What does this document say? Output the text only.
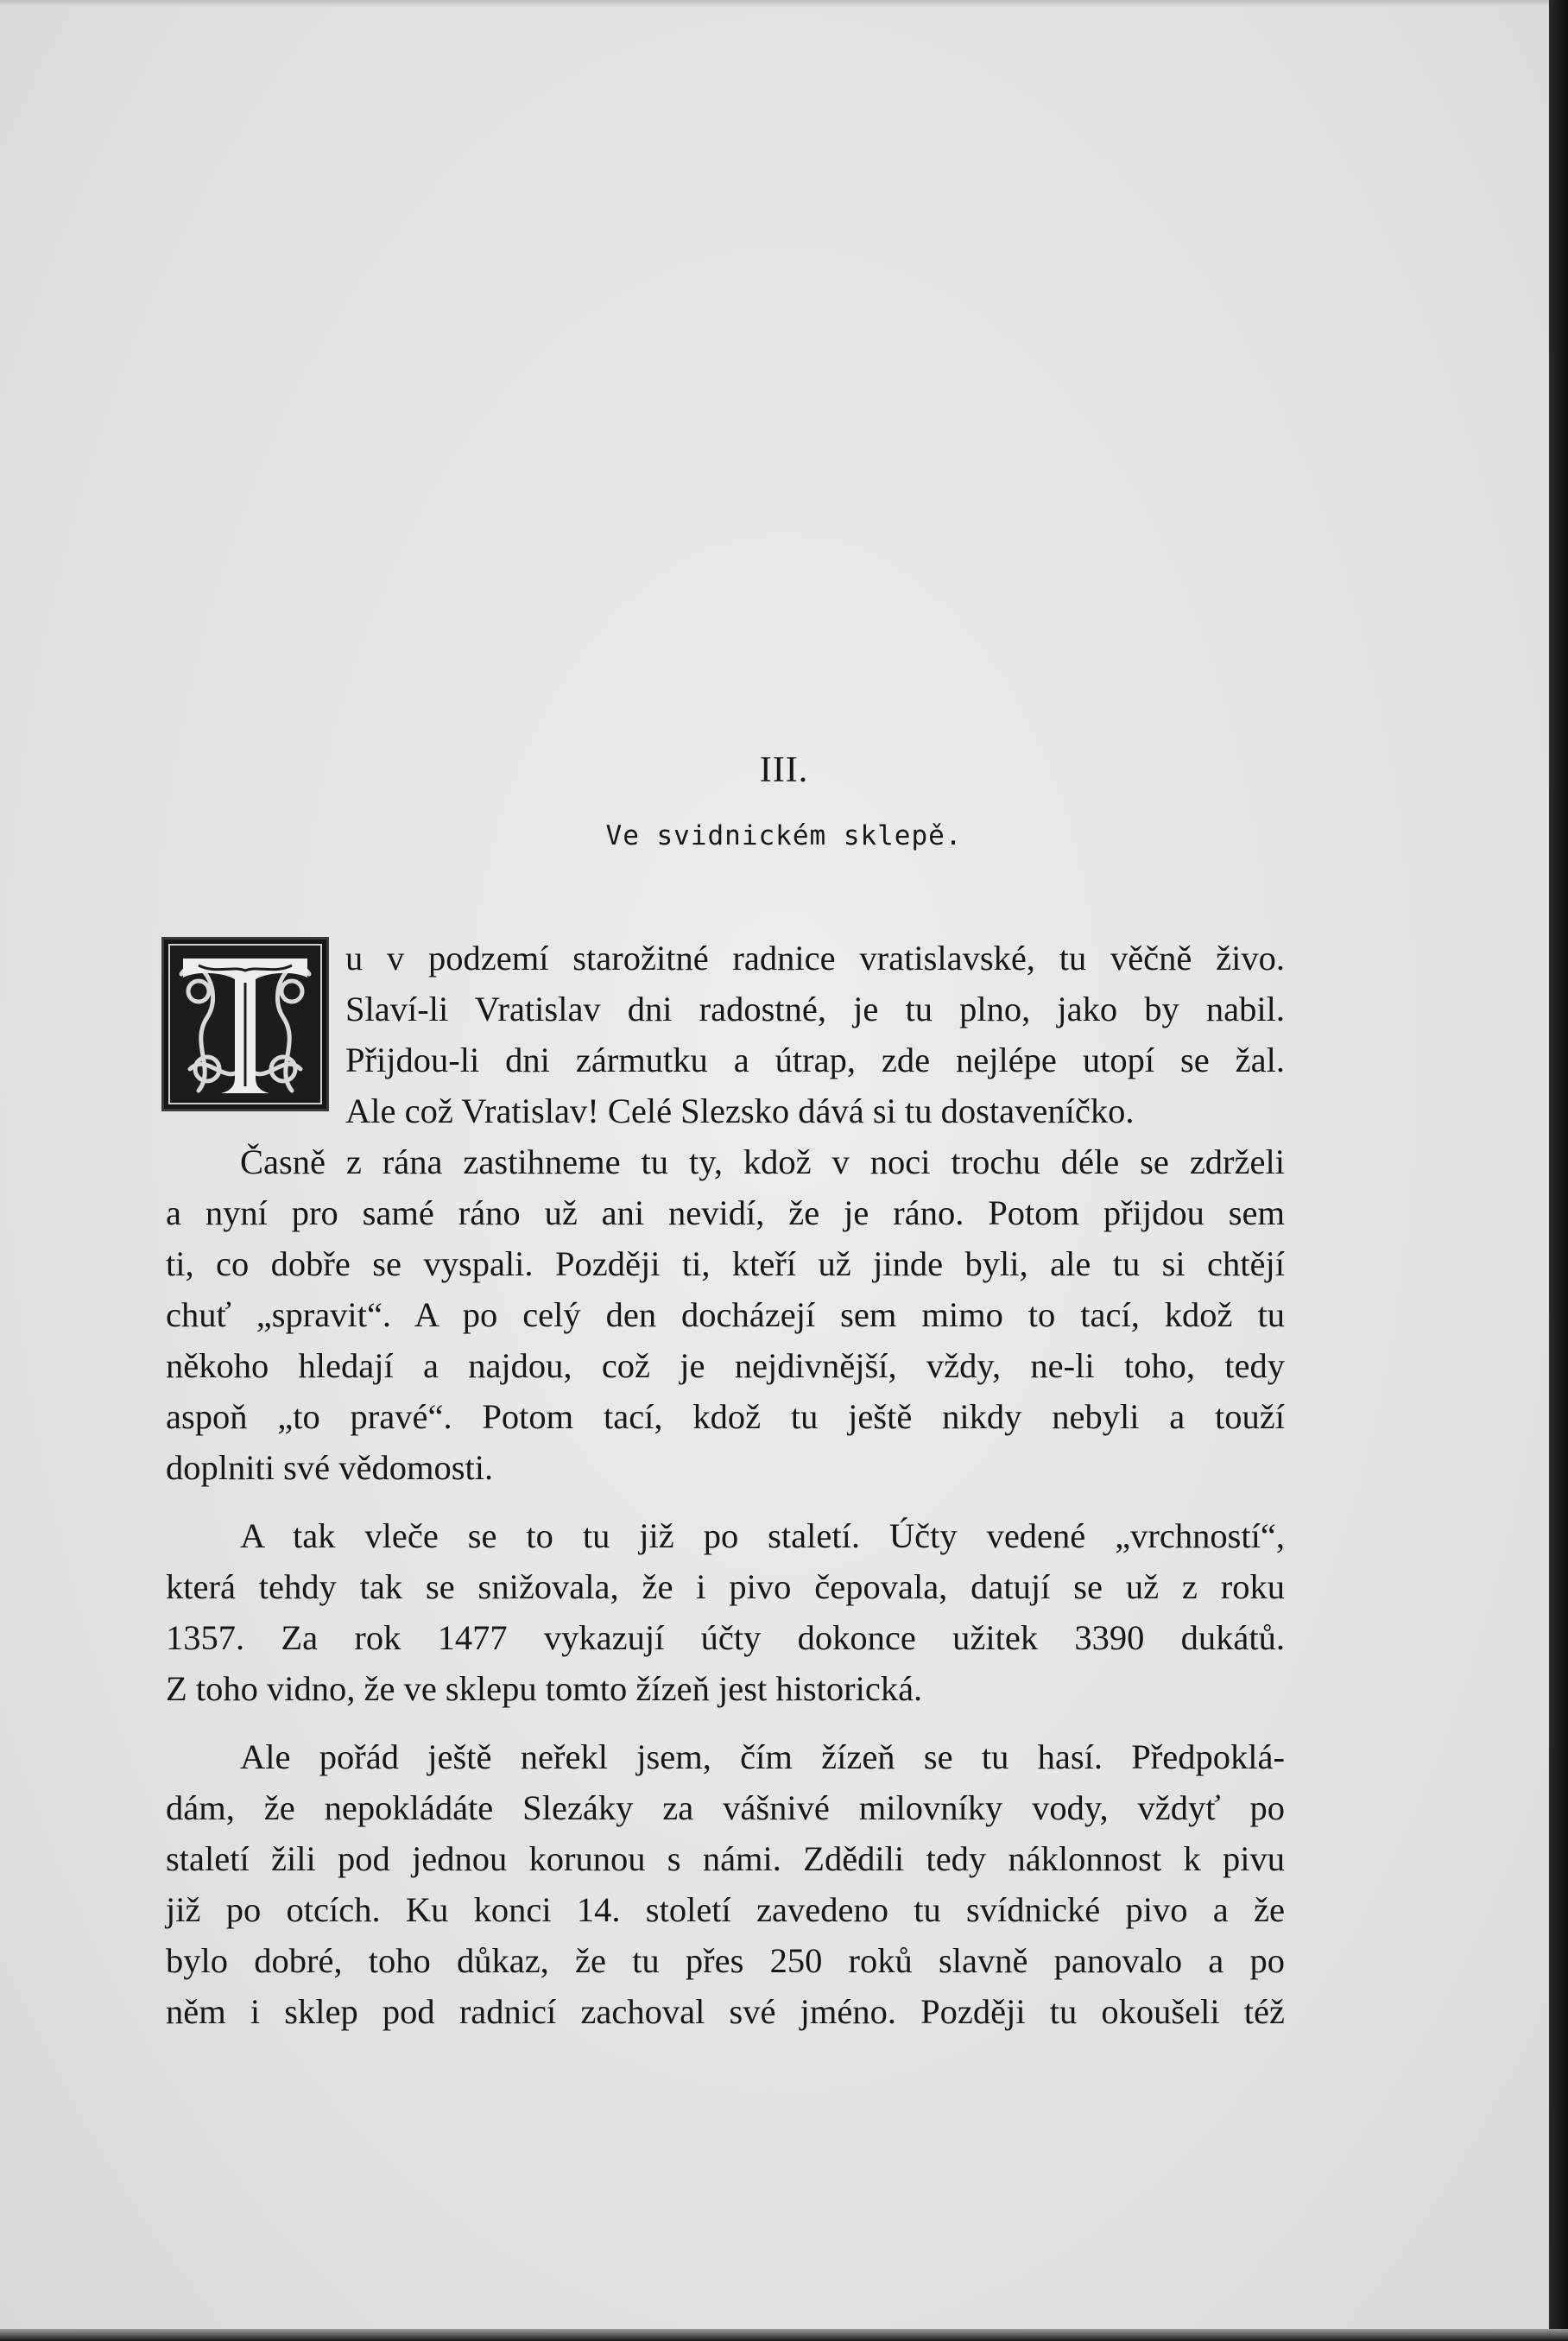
III.
Ve svidnickém sklepě.
u v podzemí starožitné radnice vratislavské, tu věčně živo.
Slaví-li Vratislav dni radostné, je tu plno, jako by nabil.
Přijdou-li dni zármutku a útrap, zde nejlépe utopí se žal.
Ale což Vratislav! Celé Slezsko dává si tu dostaveníčko.
Časně z rána zastihneme tu ty, kdož v noci trochu déle se zdrželi
a nyní pro samé ráno už ani nevidí, že je ráno. Potom přijdou sem
ti, co dobře se vyspali. Později ti, kteří už jinde byli, ale tu si chtějí
chuť „spravit“. A po celý den docházejí sem mimo to tací, kdož tu
někoho hledají a najdou, což je nejdivnější, vždy, ne-li toho, tedy
aspoň „to pravé“. Potom tací, kdož tu ještě nikdy nebyli a touží
doplniti své vědomosti.
A tak vleče se to tu již po staletí. Účty vedené „vrchností“,
která tehdy tak se snižovala, že i pivo čepovala, datují se už z roku
1357. Za rok 1477 vykazují účty dokonce užitek 3390 dukátů.
Z toho vidno, že ve sklepu tomto žízeň jest historická.
Ale pořád ještě neřekl jsem, čím žízeň se tu hasí. Předpoklá-
dám, že nepokládáte Slezáky za vášnivé milovníky vody, vždyť po
staletí žili pod jednou korunou s námi. Zdědili tedy náklonnost k pivu
již po otcích. Ku konci 14. století zavedeno tu svídnické pivo a že
bylo dobré, toho důkaz, že tu přes 250 roků slavně panovalo a po
něm i sklep pod radnicí zachoval své jméno. Později tu okoušeli též
